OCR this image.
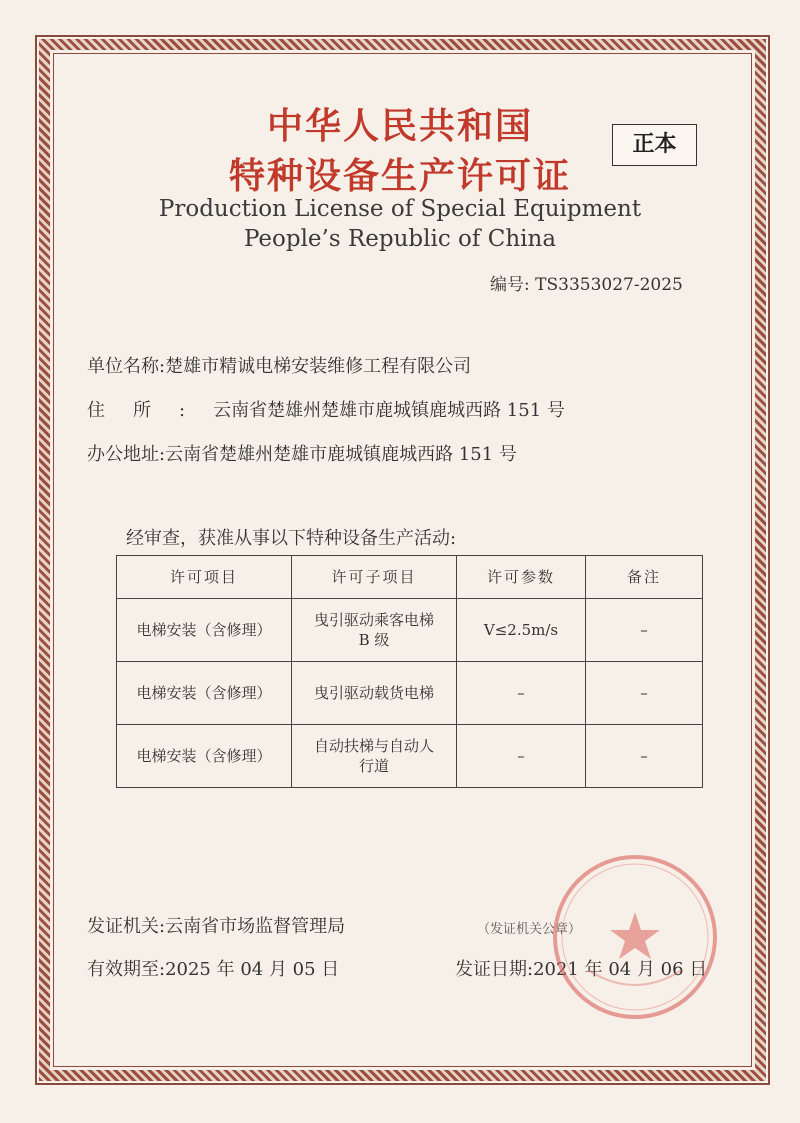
中华人民共和国
特种设备生产许可证
Production License of Special Equipment
People’s Republic of China
正本
编号: TS3353027-2025
单位名称:楚雄市精诚电梯安装维修工程有限公司
住所:云南省楚雄州楚雄市鹿城镇鹿城西路 151 号
办公地址:云南省楚雄州楚雄市鹿城镇鹿城西路 151 号
经审查，获准从事以下特种设备生产活动:
许可项目	许可子项目	许可参数	备注
电梯安装（含修理）	曳引驱动乘客电梯
B 级	V≤2.5m/s	–
电梯安装（含修理）	曳引驱动载货电梯	–	–
电梯安装（含修理）	自动扶梯与自动人
行道	–	–
发证机关:云南省市场监督管理局	（发证机关公章）
有效期至:2025 年 04 月 05 日	发证日期:2021 年 04 月 06 日
